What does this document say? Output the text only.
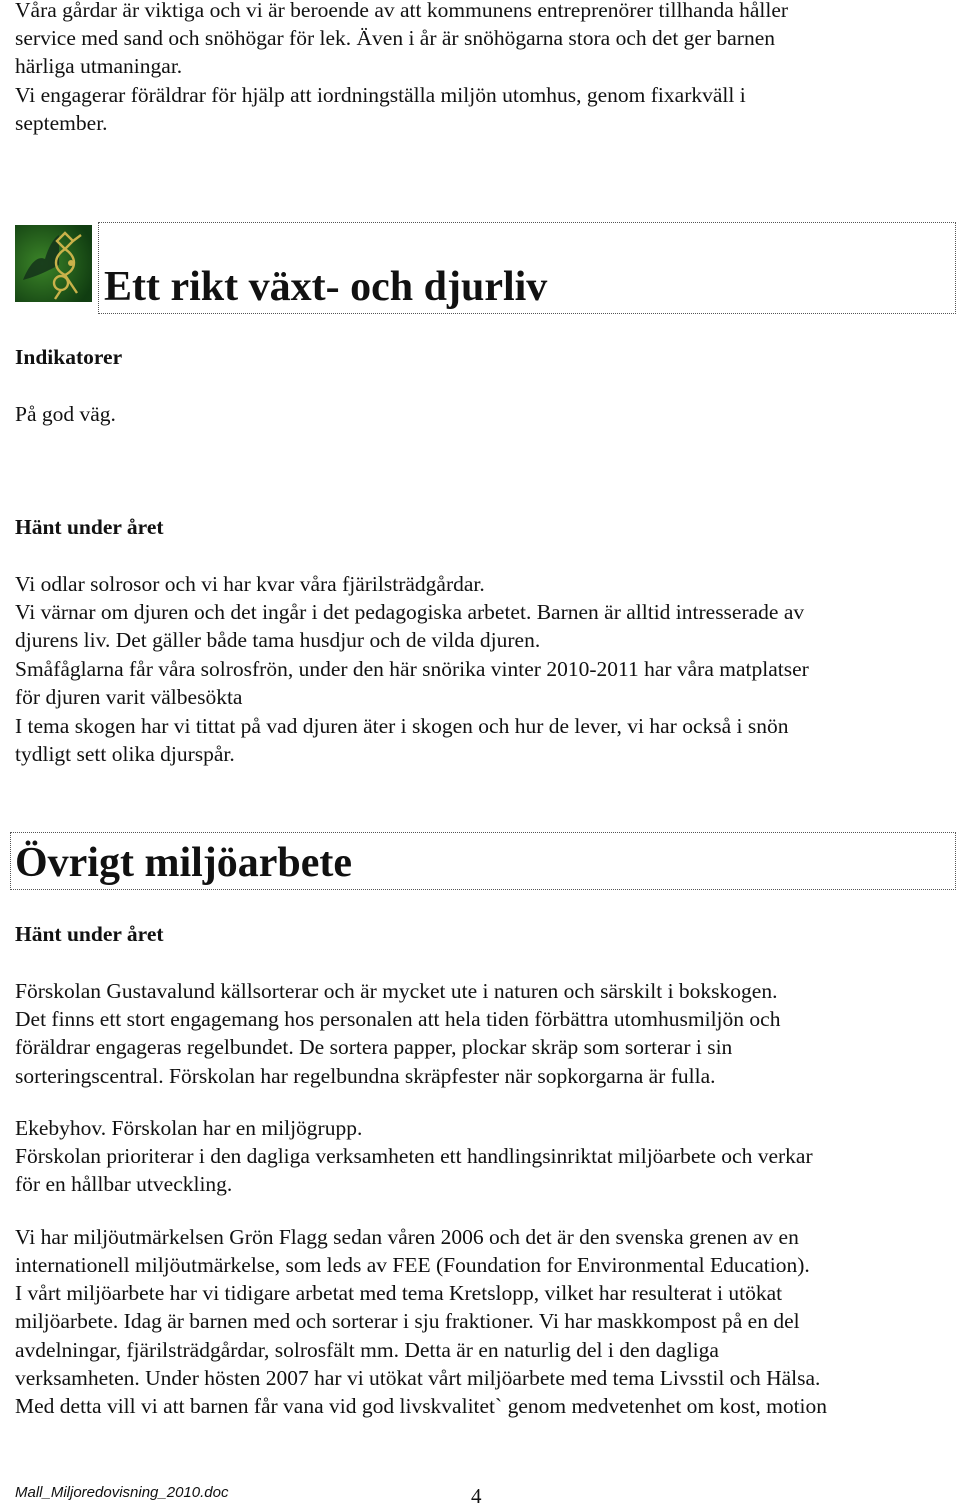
Våra gårdar är viktiga och vi är beroende av att kommunens entreprenörer tillhanda håller
service med sand och snöhögar för lek. Även i år är snöhögarna stora och det ger barnen
härliga utmaningar.
Vi engagerar föräldrar för hjälp att iordningställa miljön utomhus, genom fixarkväll i
september.
Ett rikt växt- och djurliv
Indikatorer
På god väg.
Hänt under året
Vi odlar solrosor och vi har kvar våra fjärilsträdgårdar.
Vi värnar om djuren och det ingår i det pedagogiska arbetet. Barnen är alltid intresserade av
djurens liv. Det gäller både tama husdjur och de vilda djuren.
Småfåglarna får våra solrosfrön, under den här snörika vinter 2010-2011 har våra matplatser
för djuren varit välbesökta
I tema skogen har vi tittat på vad djuren äter i skogen och hur de lever, vi har också i snön
tydligt sett olika djurspår.
Övrigt miljöarbete
Hänt under året
Förskolan Gustavalund källsorterar och är mycket ute i naturen och särskilt i bokskogen.
Det finns ett stort engagemang hos personalen att hela tiden förbättra utomhusmiljön och
föräldrar engageras regelbundet. De sortera papper, plockar skräp som sorterar i sin
sorteringscentral. Förskolan har regelbundna skräpfester när sopkorgarna är fulla.
Ekebyhov. Förskolan har en miljögrupp.
Förskolan prioriterar i den dagliga verksamheten ett handlingsinriktat miljöarbete och verkar
för en hållbar utveckling.
Vi har miljöutmärkelsen Grön Flagg sedan våren 2006 och det är den svenska grenen av en
internationell miljöutmärkelse, som leds av FEE (Foundation for Environmental Education).
I vårt miljöarbete har vi tidigare arbetat med tema Kretslopp, vilket har resulterat i utökat
miljöarbete. Idag är barnen med och sorterar i sju fraktioner. Vi har maskkompost på en del
avdelningar, fjärilsträdgårdar, solrosfält mm. Detta är en naturlig del i den dagliga
verksamheten. Under hösten 2007 har vi utökat vårt miljöarbete med tema Livsstil och Hälsa.
Med detta vill vi att barnen får vana vid god livskvalitet` genom medvetenhet om kost, motion
Mall_Miljoredovisning_2010.doc	4
